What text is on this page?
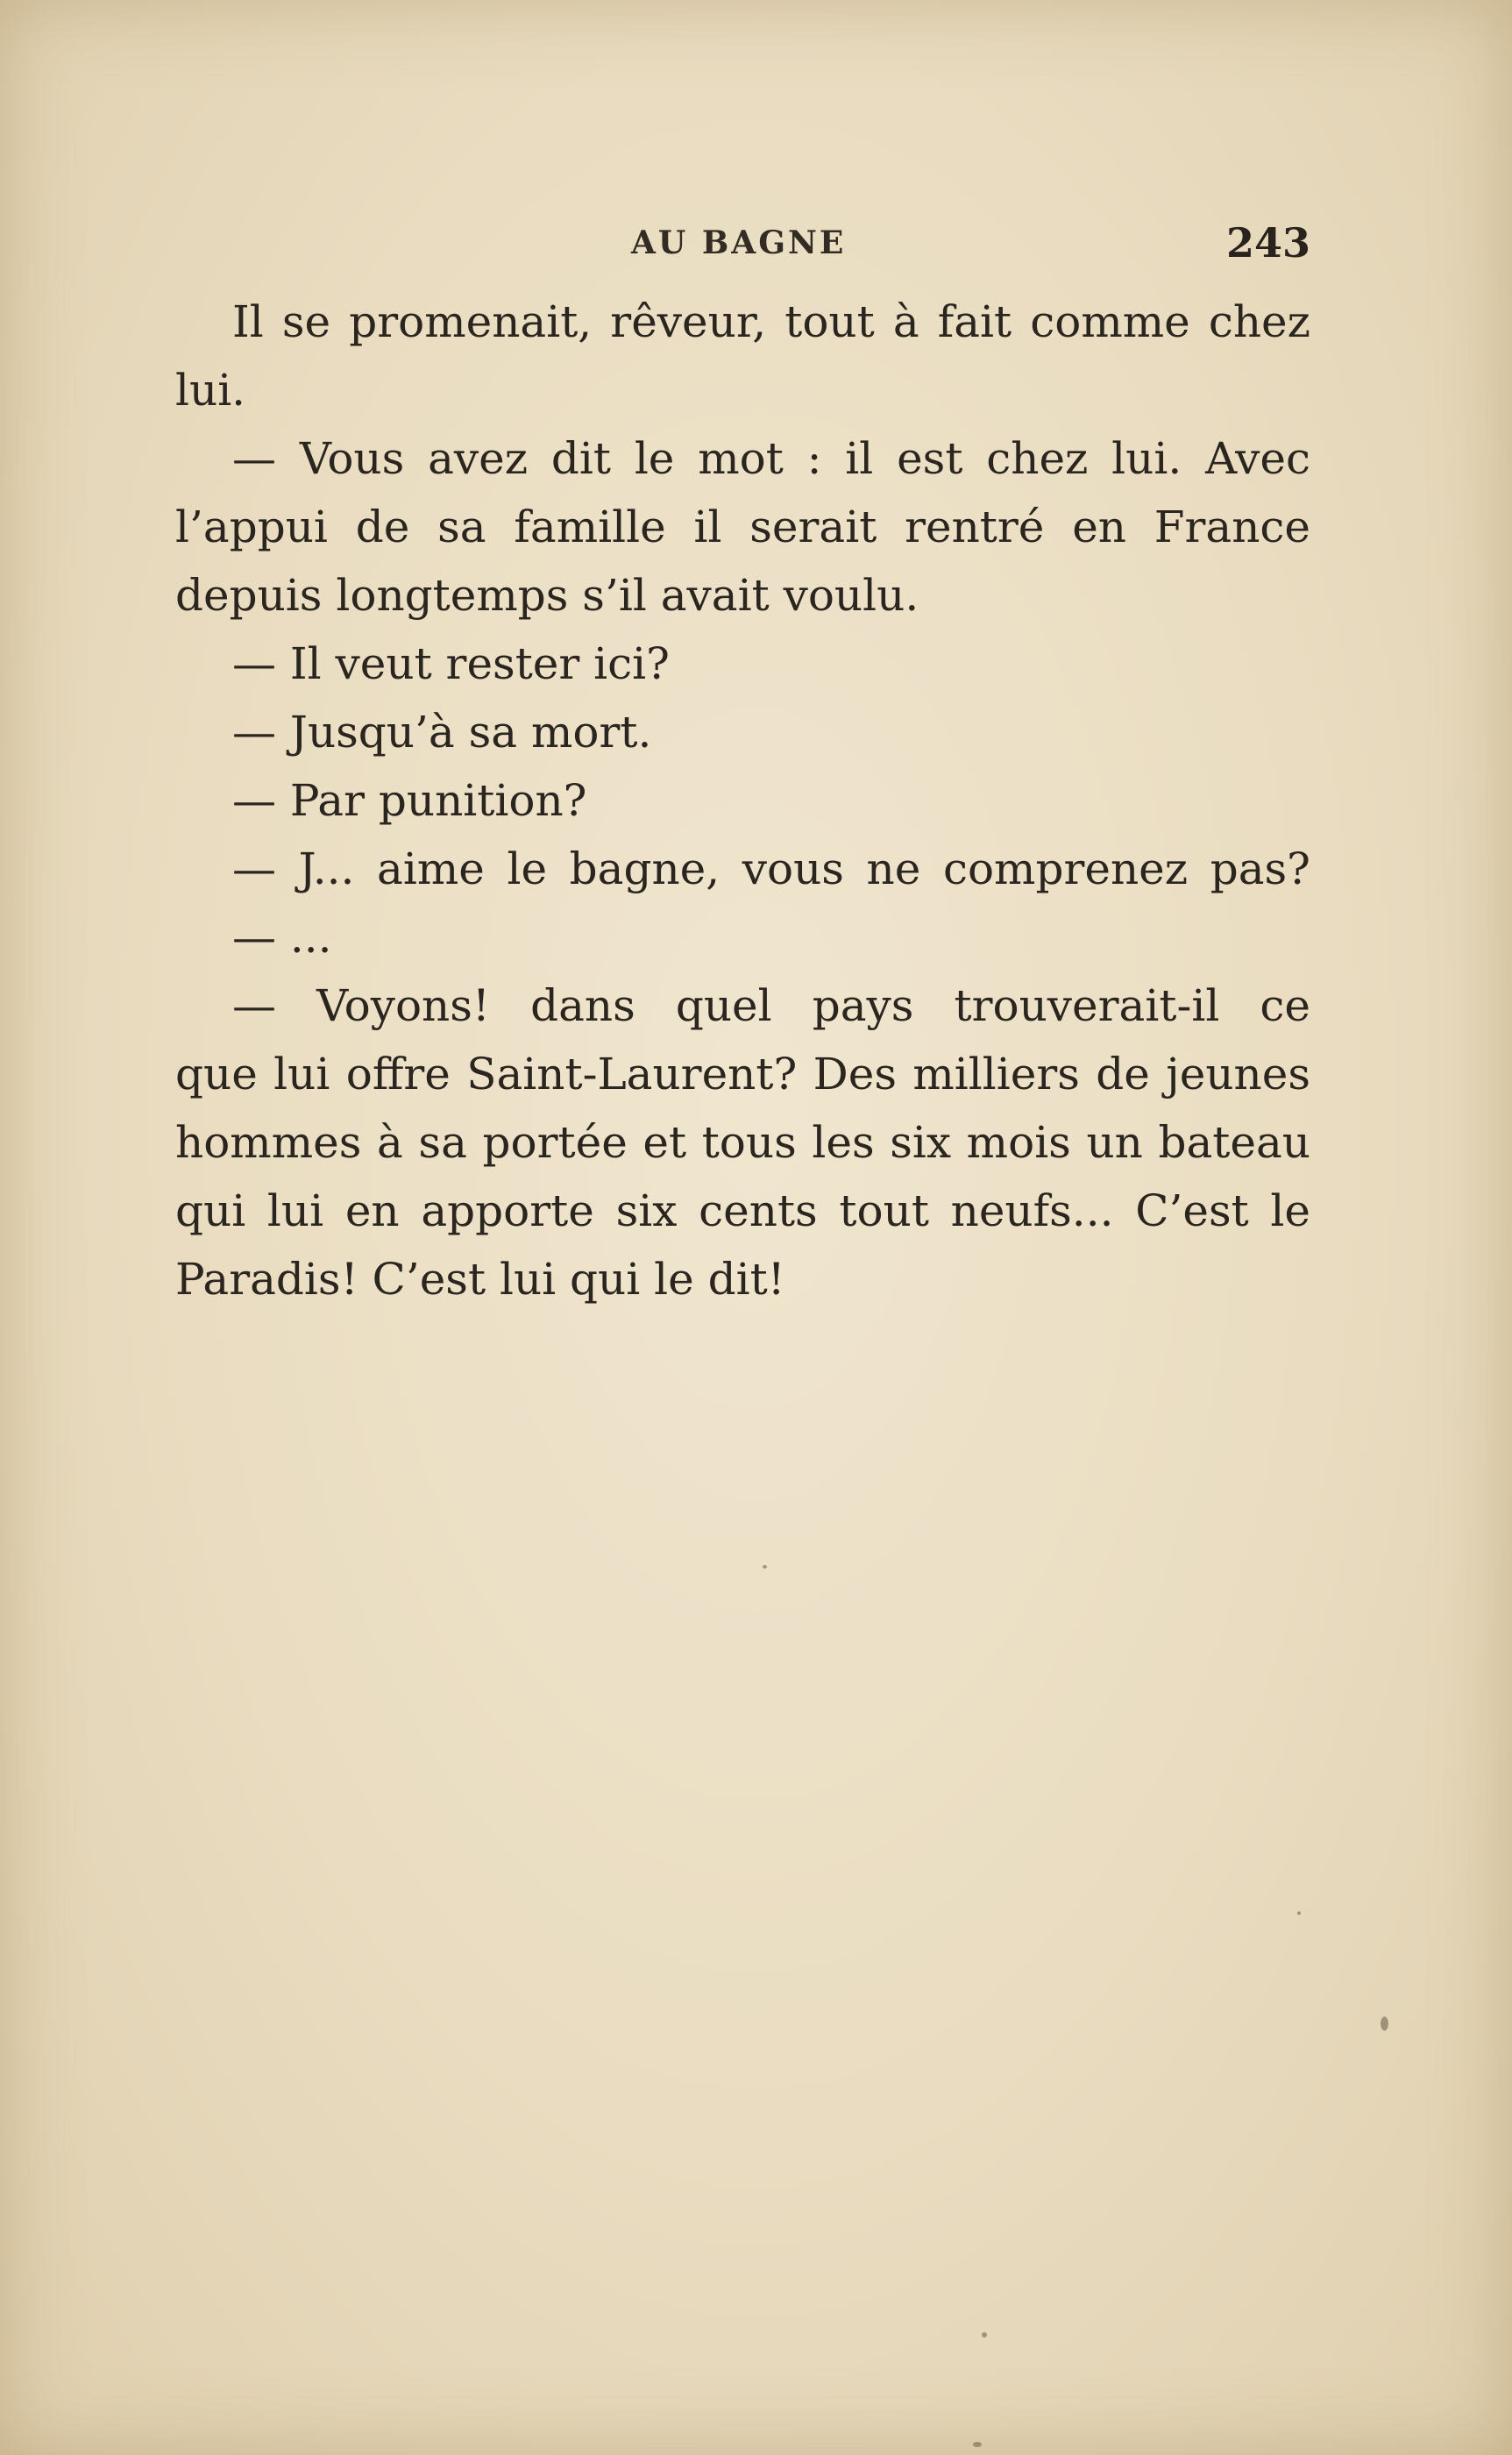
AU BAGNE	243
Il se promenait, rêveur, tout à fait comme chez
lui.
— Vous avez dit le mot : il est chez lui. Avec
l’appui de sa famille il serait rentré en France
depuis longtemps s’il avait voulu.
— Il veut rester ici?
— Jusqu’à sa mort.
— Par punition?
— J... aime le bagne, vous ne comprenez pas?
— ...
— Voyons! dans quel pays trouverait-il ce
que lui offre Saint-Laurent? Des milliers de jeunes
hommes à sa portée et tous les six mois un bateau
qui lui en apporte six cents tout neufs... C’est le
Paradis! C’est lui qui le dit!
